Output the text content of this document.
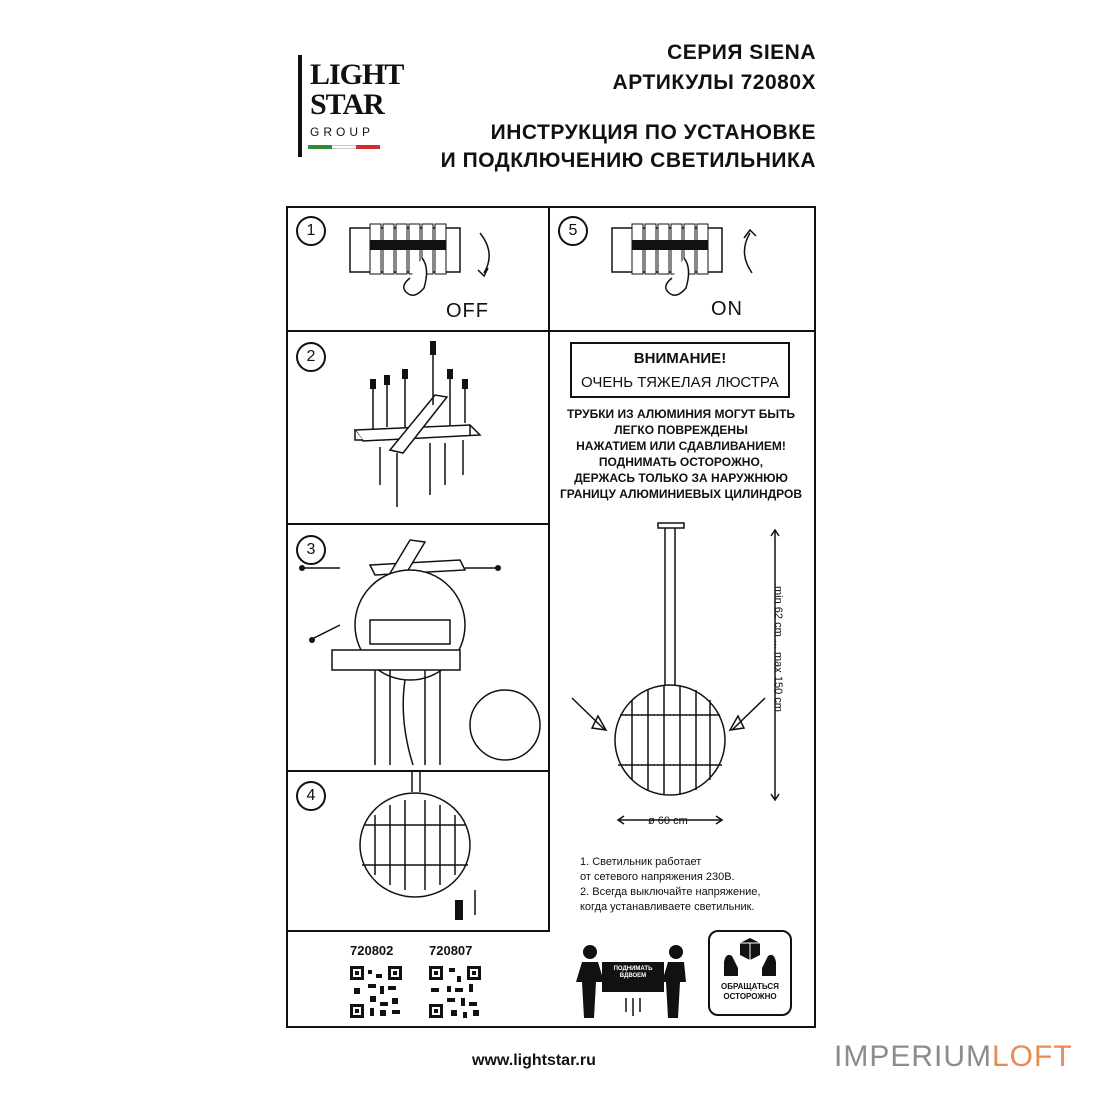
LIGHT
STAR
GROUP
СЕРИЯ SIENA
АРТИКУЛЫ 72080X
ИНСТРУКЦИЯ ПО УСТАНОВКЕ
И ПОДКЛЮЧЕНИЮ СВЕТИЛЬНИКА
1	5
2
3
4
OFF	ON
ВНИМАНИЕ!
ОЧЕНЬ ТЯЖЕЛАЯ ЛЮСТРА
ТРУБКИ ИЗ АЛЮМИНИЯ МОГУТ БЫТЬ
ЛЕГКО ПОВРЕЖДЕНЫ
НАЖАТИЕМ ИЛИ СДАВЛИВАНИЕМ!
ПОДНИМАТЬ ОСТОРОЖНО,
ДЕРЖАСЬ ТОЛЬКО ЗА НАРУЖНЮЮ
ГРАНИЦУ АЛЮМИНИЕВЫХ ЦИЛИНДРОВ
min 62 cm ... max 150 cm
ø 60 cm
1. Светильник работает
от сетевого напряжения 230В.
2. Всегда выключайте напряжение,
когда устанавливаете светильник.
720802	720807
ПОДНИМАТЬ
ВДВОЕМ
ОБРАЩАТЬСЯ
ОСТОРОЖНО
www.lightstar.ru	IMPERIUMLOFT
